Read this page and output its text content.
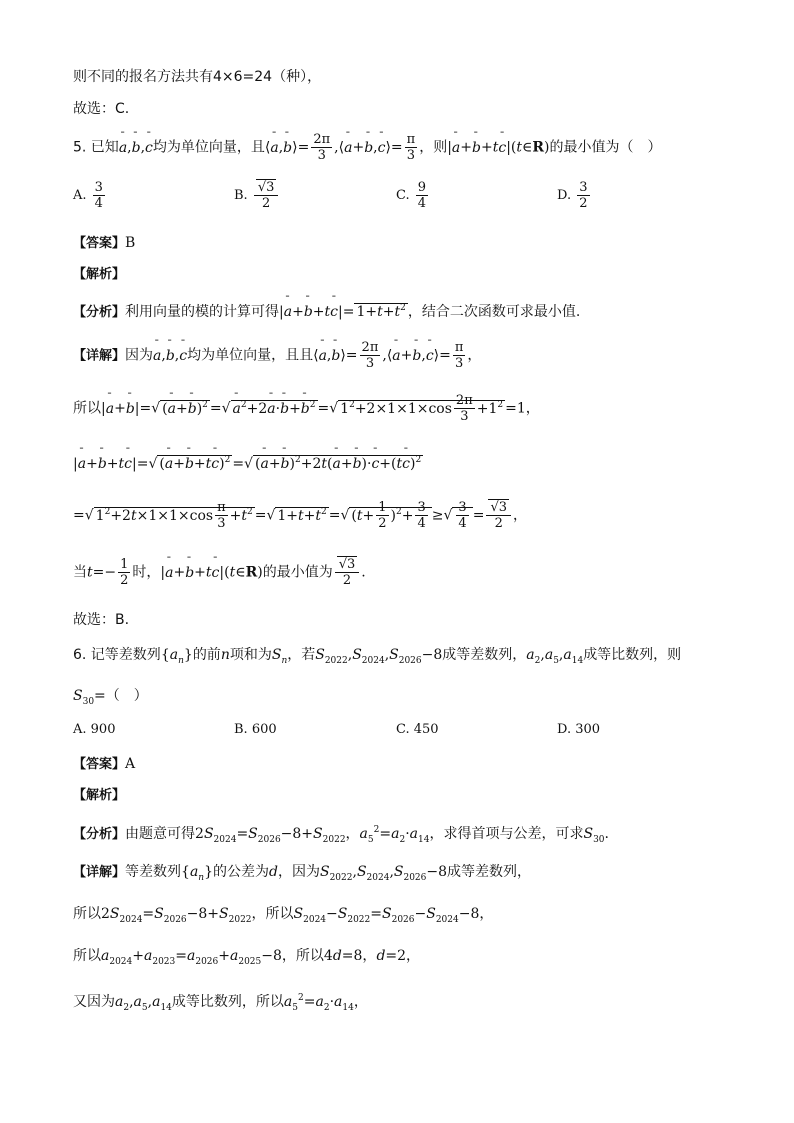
则不同的报名方法共有4×6=24（种），
故选：C.
5. 已知ˉ a,ˉ b,ˉ c均为单位向量，且⟨ˉ a,ˉ b⟩= $\frac{2\pi}{3}$ ,⟨ˉ a+ˉ b,ˉ c⟩= $\frac{\pi}{3}$ ，则|ˉ a+ˉ b+tˉ c|(t∈R)的最小值为（　）
A. $\frac{3}{4}$	B. $\frac{√3}{2}$	C. $\frac{9}{4}$	D. $\frac{3}{2}$
【答案】B
【解析】
【分析】利用向量的模的计算可得|ˉ a+ˉ b+tˉ $c|= 1+t+t^2$ ，结合二次函数可求最小值.
【详解】因为ˉ a,ˉ b,ˉ c均为单位向量，且且⟨ˉ a,ˉ b⟩= $\frac{2\pi}{3}$ ,⟨ˉ a+ˉ b,ˉ c⟩= $\frac{\pi}{3}$ ，
所以|ˉ a+ˉ b|=√ (ˉ a+ˉ b)$^2$ =√ˉ $a^2+2ˉ$ a·ˉ b+ˉ $b^2$ =√ $1^2+2\times 1\times 1\times\cos \frac{2\pi}{3} +1^2 =1$，
|ˉ a+ˉ b+tˉ c|=√ (ˉ a+ˉ b+tˉ c)$^2$ =√ (ˉ a+ˉ b)$^2$+2t(ˉ a+ˉ b)·ˉ c+(tˉ c)$^2$
=√ $1^2+2t\times 1\times 1\times\cos \frac{\pi}{3} +t^2$ =√ $1+t+t^2$ =√ $(t+ \frac{1}{2} )^2+ \frac{3}{4}$ ≥√ $\frac{3}{4} = \frac{√3}{2}$ ，
当$t=- \frac{1}{2}$ 时，|ˉ a+ˉ b+tˉ c|(t∈R)的最小值为 $\frac{√3}{2}$ .
故选：B.
6. 记等差数列$\{a_n\}$的前n项和为$S_n$，若$S_{2022},S_{2024},S_{2026}-8$成等差数列，$a_2,a_5,a_{14}$成等比数列，则
$S_{30}=$（　）
A. 900	B. 600	C. 450	D. 300
【答案】A
【解析】
【分析】由题意可得$2S_{2024}=S_{2026}-8+S_{2022}$，$a_5^2=a_2\cdot a_{14}$，求得首项与公差，可求$S_{30}$.
【详解】等差数列$\{a_n\}$的公差为d，因为$S_{2022},S_{2024},S_{2026}-8$成等差数列，
所以$2S_{2024}=S_{2026}-8+S_{2022}$，所以$S_{2024}-S_{2022}=S_{2026}-S_{2024}-8$，
所以$a_{2024}+a_{2023}=a_{2026}+a_{2025}-8$，所以4d=8，d=2，
又因为$a_2,a_5,a_{14}$成等比数列，所以$a_5^2=a_2\cdot a_{14}$，
